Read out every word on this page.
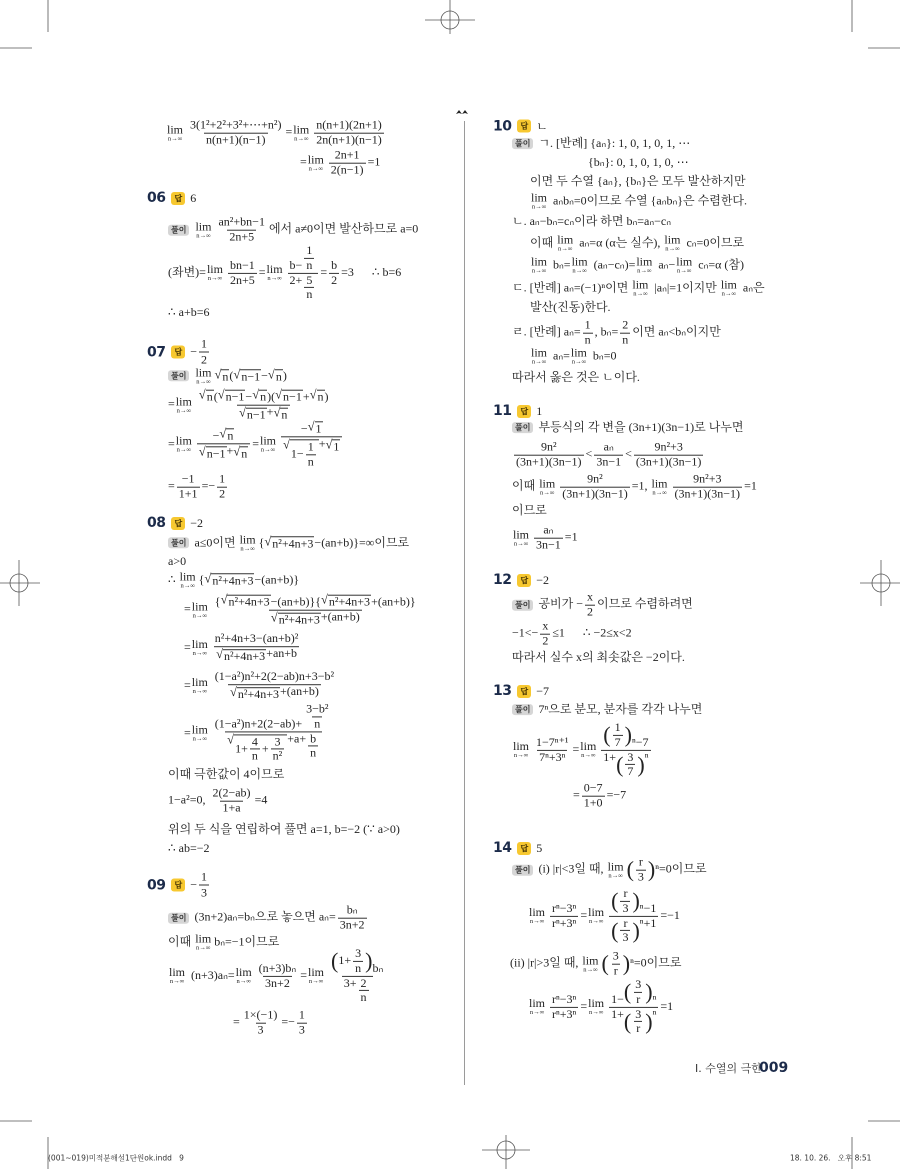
lim
$n\to\infty \frac{\text{3(1²+2²+3²+⋯+n²)}}{n(n+1)(n-1)} = \lim$
$n\to\infty \frac{n(n+1)(2n+1)}{2n(n+1)(n-1)}$
= lim
$n\to\infty \frac{2n+1}{2(n-1)} =1$
06	답 6
풀이 lim
$n\to\infty \frac{\text{an²+bn−1}}{2n+5}$ 에서 a≠0이면 발산하므로 a=0
(좌변)= lim
$n\to\infty \frac{bn-1}{2n+5} = \lim$
$n\to\infty \frac{b- \frac{1}{n}}{2+ \frac{5}{n}} = \frac{b}{2} =3$      ∴ b=6
∴ a+b=6
07	답 − $\frac{1}{2}$
풀이 lim
n→∞
√ n ( √ n−1 − √ n )
= lim
$n\to\infty \frac{√ n ( √ n-1 - √ n )( √ n-1 + √ n )}{√ n-1 + √ n}$
= lim
$n\to\infty \frac{- √ n}{√ n-1 + √ n} = \lim$
n→∞ − √ 1
√
$1- \frac{1}{n}$ + √ 1
= $\frac{-1}{1+1} =- \frac{1}{2}$
08	답 −2
풀이 a≤0이면 lim
n→∞ { √ n²+4n+3 −(an+b)}=∞이므로
a>0
∴ lim
n→∞ { √ n²+4n+3 −(an+b)}
= lim
$n\to\infty \frac{\text{\{ √ n²+4n+3 −(an+b)\}\{ √ n²+4n+3 +(an+b)\}}}{\text{√ n²+4n+3 +(an+b)}}$
= lim
$n\to\infty \frac{\text{n²+4n+3−(an+b)²}}{\text{√ n²+4n+3 +an+b}}$
= lim
$n\to\infty \frac{\text{(1−a²)n²+2(2−ab)n+3−b²}}{\text{√ n²+4n+3 +(an+b)}}$
= lim
n→∞ $(1-a^2)n+2(2-ab)+ \frac{\text{3−b²}}{n}$
√
$1+ \frac{4}{n} + \frac{3}{\text{n²}} +a+ \frac{b}{n}$
이때 극한값이 4이므로
1−a²=0, $\frac{2(2-ab)}{1+a} =4$
위의 두 식을 연립하여 풀면 a=1, b=−2 (∵ a>0)
∴ ab=−2
09	답 − $\frac{1}{3}$
풀이 (3n+2)aₙ=bₙ으로 놓으면 $a_n= \frac{\text{bₙ}}{3n+2}$
이때 lim
n→∞ bₙ=−1이므로
lim
n→∞ (n+3)aₙ= lim
$n\to\infty \frac{\text{(n+3)bₙ}}{3n+2} = \lim$
$n\to\infty \frac{( 1+ \frac{3}{n} ) b_n}{3+ \frac{2}{n}}$
= $\frac{1\times(-1)}{3} =- \frac{1}{3}$
10	답 ㄴ
풀이 ㄱ. [반례] {aₙ}: 1, 0, 1, 0, 1, ⋯
{bₙ}: 0, 1, 0, 1, 0, ⋯
이면 두 수열 {aₙ}, {bₙ}은 모두 발산하지만
lim
n→∞ aₙbₙ=0이므로 수열 {aₙbₙ}은 수렴한다.
ㄴ. aₙ−bₙ=cₙ이라 하면 bₙ=aₙ−cₙ
이때 lim
n→∞ aₙ=α (α는 실수), lim
n→∞ cₙ=0이므로
lim
n→∞ bₙ= lim
n→∞ (aₙ−cₙ)= lim
n→∞ aₙ− lim
n→∞ cₙ=α (참)
ㄷ. [반례] aₙ=(−1)ⁿ이면 lim
n→∞ |aₙ|=1이지만 lim
n→∞ aₙ은
발산(진동)한다.
ㄹ. [반례] $a_n= \frac{1}{n}$ , $b_n= \frac{2}{n}$ 이면 aₙ<bₙ이지만
lim
n→∞ aₙ= lim
n→∞ bₙ=0
따라서 옳은 것은 ㄴ이다.
11	답 1
풀이 부등식의 각 변을 (3n+1)(3n−1)로 나누면
$\frac{\text{9n²}}{(3n+1)(3n-1)} < \frac{\text{aₙ}}{3n-1} < \frac{\text{9n²+3}}{(3n+1)(3n-1)}$
이때 lim
$n\to\infty \frac{\text{9n²}}{(3n+1)(3n-1)} =1$, lim
$n\to\infty \frac{\text{9n²+3}}{(3n+1)(3n-1)} =1$
이므로
lim
$n\to\infty \frac{\text{aₙ}}{3n-1} =1$
12	답 −2
풀이 공비가 − $\frac{x}{2}$ 이므로 수렴하려면
$-1<- \frac{x}{2} \le 1$      ∴ −2≤x<2
따라서 실수 x의 최솟값은 −2이다.
13	답 −7
풀이 7ⁿ으로 분모, 분자를 각각 나누면
lim
$n\to\infty \frac{\text{1−7ⁿ⁺¹}}{\text{7ⁿ+3ⁿ}} = \lim$
$n\to\infty \frac{( \frac{1}{7} ) ^n-7}{1+ ( \frac{3}{7} ) ^n}$
= $\frac{0-7}{1+0} =-7$
14	답 5
풀이 (i) |r|<3일 때, lim
n→∞ ( $\frac{r}{3}$ ) ⁿ=0이므로
lim
$n\to\infty \frac{\text{rⁿ−3ⁿ}}{\text{rⁿ+3ⁿ}} = \lim$
$n\to\infty \frac{( \frac{r}{3} ) ^n-1}{( \frac{r}{3} ) ^n+1} =-1$
(ii) |r|>3일 때, lim
n→∞ ( $\frac{3}{r}$ ) ⁿ=0이므로
lim
$n\to\infty \frac{\text{rⁿ−3ⁿ}}{\text{rⁿ+3ⁿ}} = \lim$
$n\to\infty \frac{1- ( \frac{3}{r} ) ^n}{1+ ( \frac{3}{r} ) ^n} =1$
I. 수열의 극한
009
(001~019)미적분해설1단원ok.indd   9	18. 10. 26.   오후 8:51
